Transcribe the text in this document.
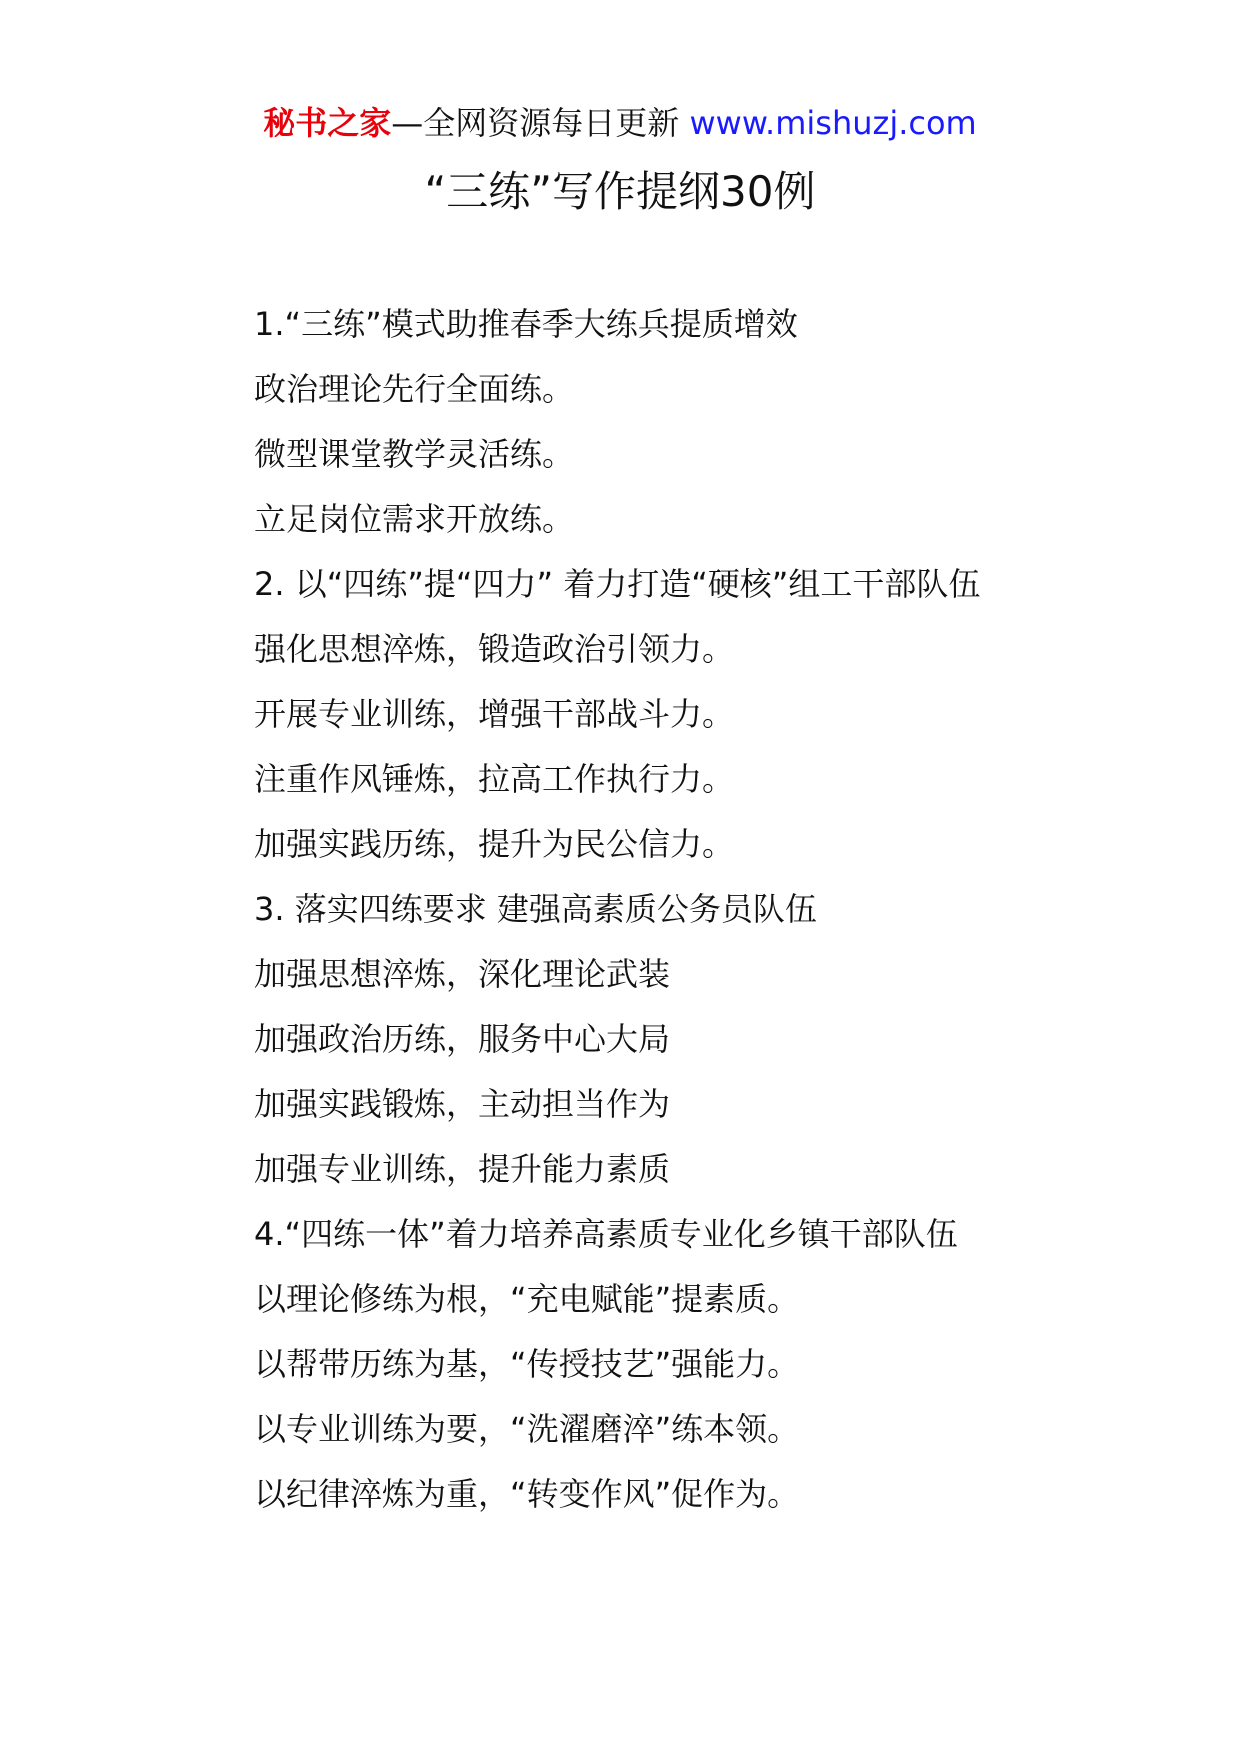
秘书之家—全网资源每日更新 www.mishuzj.com
“三练”写作提纲30例

1.“三练”模式助推春季大练兵提质增效

政治理论先行全面练。

微型课堂教学灵活练。

立足岗位需求开放练。

2. 以“四练”提“四力” 着力打造“硬核”组工干部队伍

强化思想淬炼，锻造政治引领力。

开展专业训练，增强干部战斗力。

注重作风锤炼，拉高工作执行力。

加强实践历练，提升为民公信力。

3. 落实四练要求 建强高素质公务员队伍

加强思想淬炼，深化理论武装

加强政治历练，服务中心大局

加强实践锻炼，主动担当作为

加强专业训练，提升能力素质

4.“四练一体”着力培养高素质专业化乡镇干部队伍

以理论修练为根，“充电赋能”提素质。

以帮带历练为基，“传授技艺”强能力。

以专业训练为要，“洗濯磨淬”练本领。

以纪律淬炼为重，“转变作风”促作为。
